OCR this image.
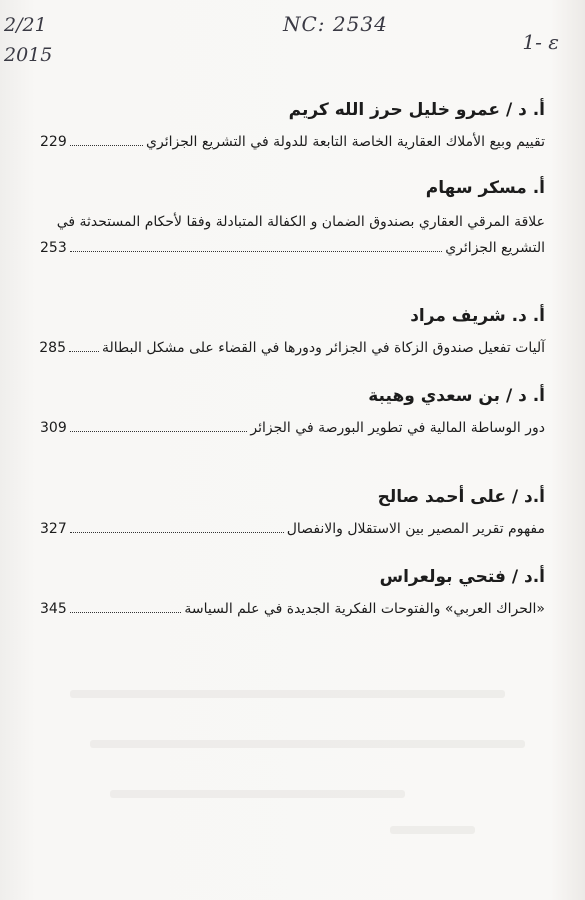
2/21
2015
NC: 2534
1- ε
أ. د / عمرو خليل حرز الله كريم
تقييم وبيع الأملاك العقارية الخاصة التابعة للدولة في التشريع الجزائري
229
أ. مسكر سهام
علاقة المرقي العقاري بصندوق الضمان و الكفالة المتبادلة وفقا لأحكام المستحدثة في
التشريع الجزائري
253
أ. د. شريف مراد
آليات تفعيل صندوق الزكاة في الجزائر ودورها في القضاء على مشكل البطالة
285
أ. د / بن سعدي وهيبة
دور الوساطة المالية في تطوير البورصة في الجزائر
309
أ.د / على أحمد صالح
مفهوم تقرير المصير بين الاستقلال والانفصال
327
أ.د / فتحي بولعراس
«الحراك العربي» والفتوحات الفكرية الجديدة في علم السياسة
345
